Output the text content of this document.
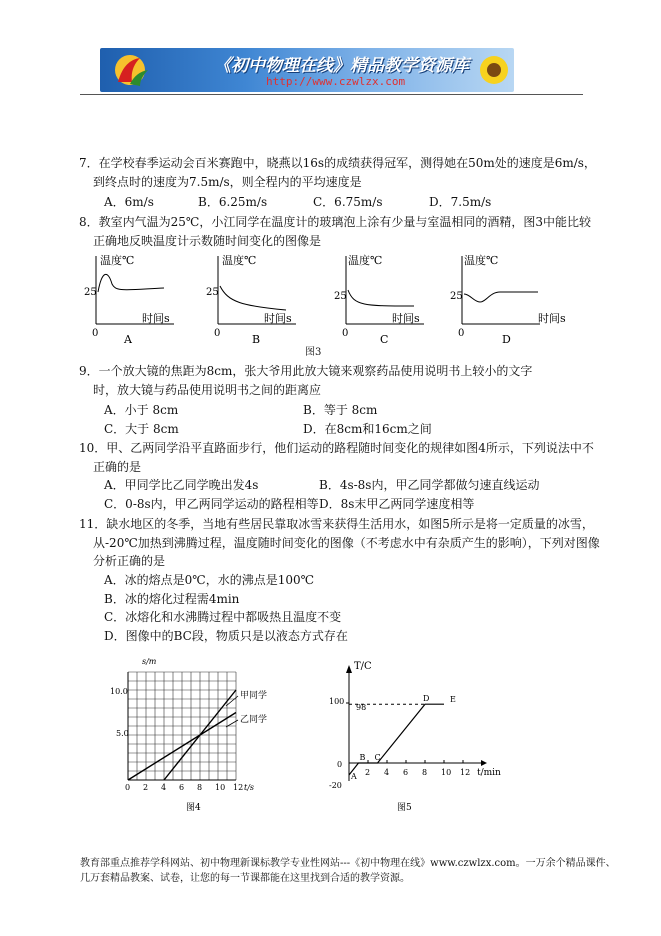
《初中物理在线》精品教学资源库
http://www.czwlzx.com
7．在学校春季运动会百米赛跑中，晓燕以16s的成绩获得冠军，测得她在50m处的速度是6m/s，
到终点时的速度为7.5m/s，则全程内的平均速度是
A．6m/s	B．6.25m/s	C．6.75m/s	D．7.5m/s
8．教室内气温为25℃，小江同学在温度计的玻璃泡上涂有少量与室温相同的酒精，图3中能比较
正确地反映温度计示数随时间变化的图像是
温度℃
25
0
时间s
A
温度℃
25
0
时间s
B
温度℃
25
0
时间s
C
温度℃
25
0
时间s
D
图3
9．一个放大镜的焦距为8cm，张大爷用此放大镜来观察药品使用说明书上较小的文字
时，放大镜与药品使用说明书之间的距离应
A．小于 8cm	B．等于 8cm
C．大于 8cm	D．在8cm和16cm之间
10．甲、乙两同学沿平直路面步行，他们运动的路程随时间变化的规律如图4所示，下列说法中不
正确的是
A．甲同学比乙同学晚出发4s	B．4s-8s内，甲乙同学都做匀速直线运动
C．0-8s内，甲乙两同学运动的路程相等 D．8s末甲乙两同学速度相等
11．缺水地区的冬季，当地有些居民靠取冰雪来获得生活用水，如图5所示是将一定质量的冰雪，
从-20℃加热到沸腾过程，温度随时间变化的图像（不考虑水中有杂质产生的影响），下列对图像
分析正确的是
A．冰的熔点是0℃，水的沸点是100℃
B．冰的熔化过程需4min
C．冰熔化和水沸腾过程中都吸热且温度不变
D．图像中的BC段，物质只是以液态方式存在
s/m
t/s
10.0
5.0
0 2 4 6 8 10 12
甲同学
乙同学
图4
T/C
t/min
100
0
-20
98
2 4 6 8 10 12
A
B C
D	E
图5
教育部重点推荐学科网站、初中物理新课标教学专业性网站---《初中物理在线》www.czwlzx.com。一万余个精品课件、
几万套精品教案、试卷，让您的每一节课都能在这里找到合适的教学资源。
